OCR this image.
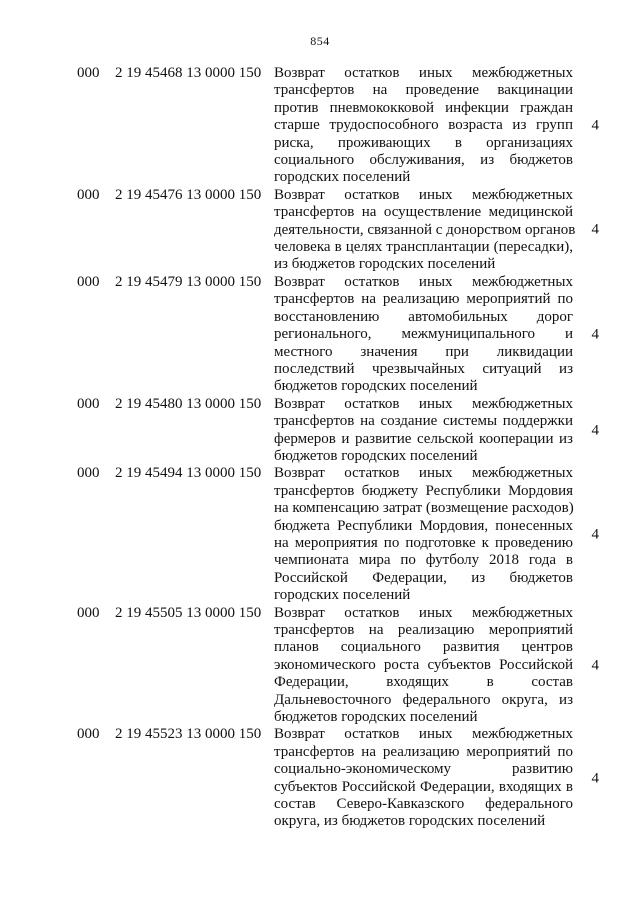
854
000 2 19 45468 13 0000 150 Возврат остатков иных межбюджетных
трансфертов на проведение вакцинации
против пневмококковой инфекции граждан
старше трудоспособного возраста из групп
риска, проживающих в организациях
социального обслуживания, из бюджетов
городских поселений
4
000 2 19 45476 13 0000 150 Возврат остатков иных межбюджетных
трансфертов на осуществление медицинской
деятельности, связанной с донорством органов
человека в целях трансплантации (пересадки),
из бюджетов городских поселений
4
000 2 19 45479 13 0000 150 Возврат остатков иных межбюджетных
трансфертов на реализацию мероприятий по
восстановлению автомобильных дорог
регионального, межмуниципального и
местного значения при ликвидации
последствий чрезвычайных ситуаций из
бюджетов городских поселений
4
000 2 19 45480 13 0000 150 Возврат остатков иных межбюджетных
трансфертов на создание системы поддержки
фермеров и развитие сельской кооперации из
бюджетов городских поселений
4
000 2 19 45494 13 0000 150 Возврат остатков иных межбюджетных
трансфертов бюджету Республики Мордовия
на компенсацию затрат (возмещение расходов)
бюджета Республики Мордовия, понесенных
на мероприятия по подготовке к проведению
чемпионата мира по футболу 2018 года в
Российской Федерации, из бюджетов
городских поселений
4
000 2 19 45505 13 0000 150 Возврат остатков иных межбюджетных
трансфертов на реализацию мероприятий
планов социального развития центров
экономического роста субъектов Российской
Федерации, входящих в состав
Дальневосточного федерального округа, из
бюджетов городских поселений
4
000 2 19 45523 13 0000 150 Возврат остатков иных межбюджетных
трансфертов на реализацию мероприятий по
социально-экономическому развитию
субъектов Российской Федерации, входящих в
состав Северо-Кавказского федерального
округа, из бюджетов городских поселений
4
